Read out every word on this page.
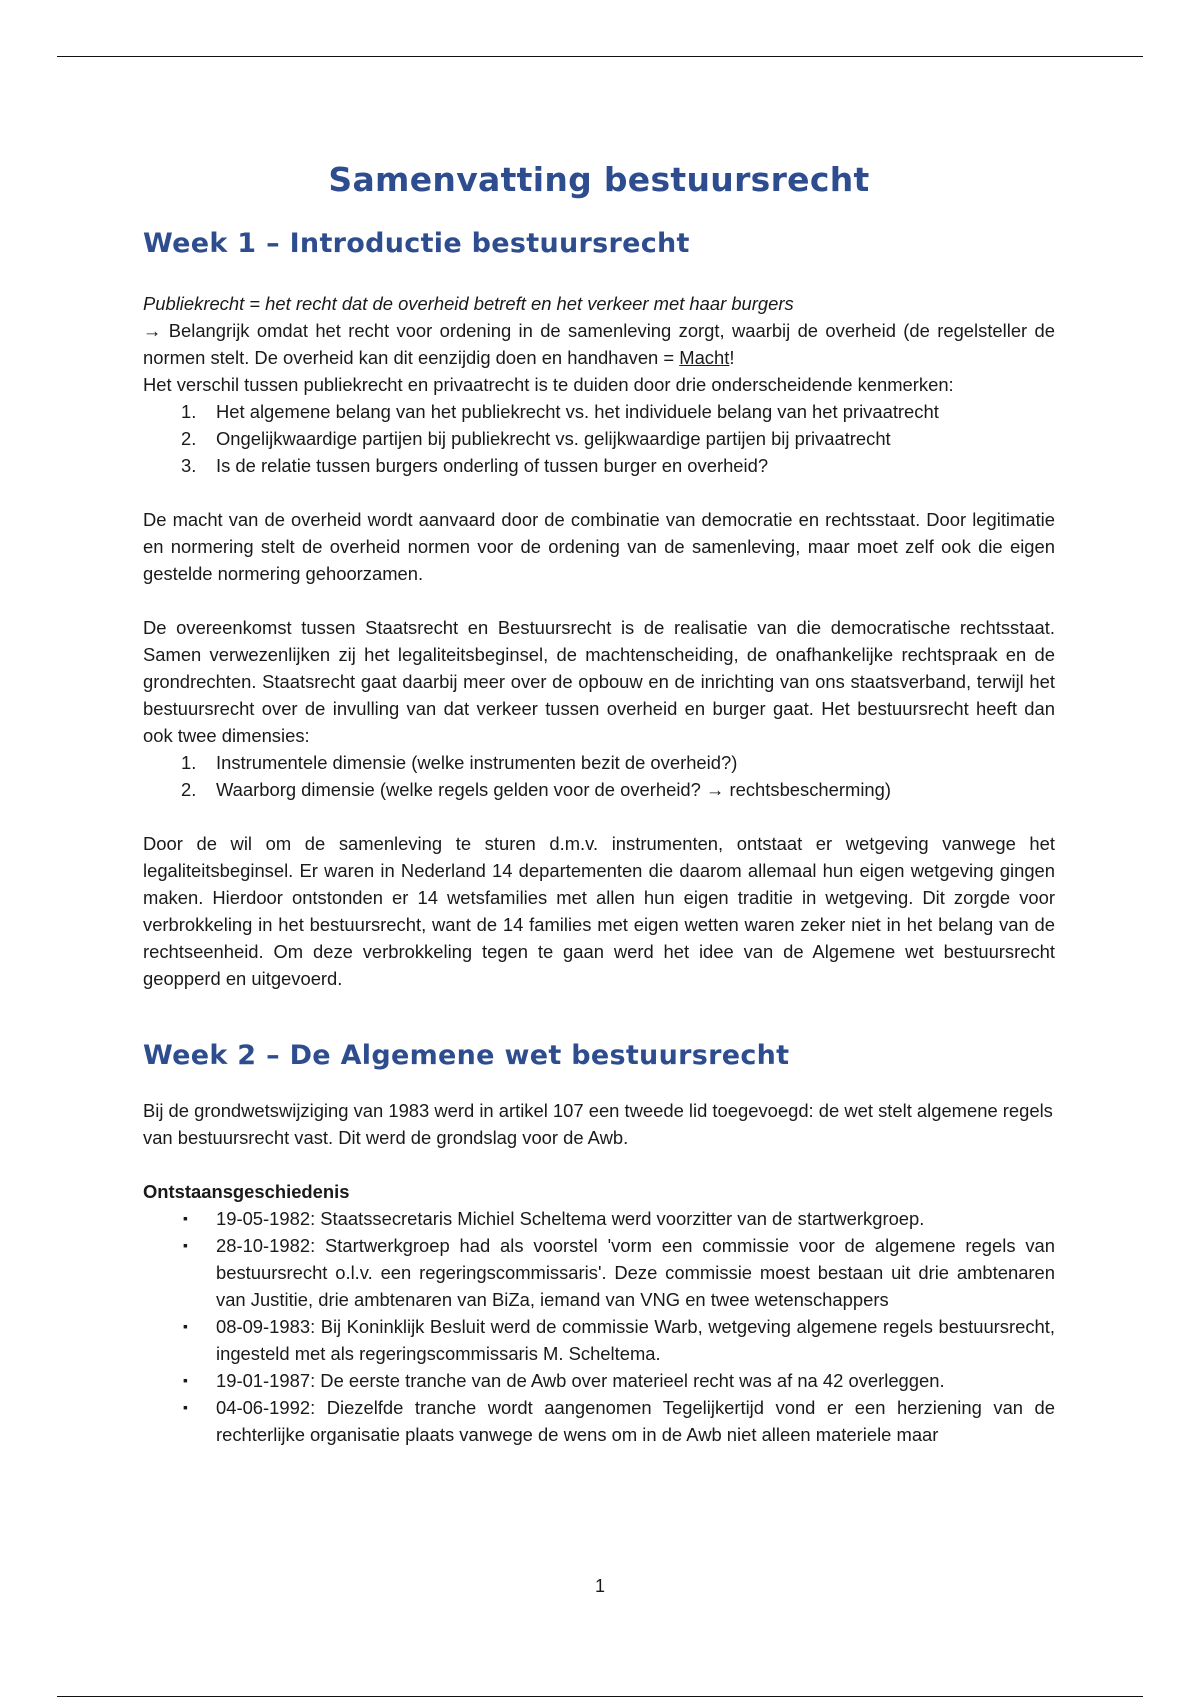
Samenvatting bestuursrecht
Week 1 – Introductie bestuursrecht

Publiekrecht = het recht dat de overheid betreft en het verkeer met haar burgers

→ Belangrijk omdat het recht voor ordening in de samenleving zorgt, waarbij de overheid (de regelsteller de normen stelt. De overheid kan dit eenzijdig doen en handhaven = Macht!

Het verschil tussen publiekrecht en privaatrecht is te duiden door drie onderscheidende kenmerken:

1. Het algemene belang van het publiekrecht vs. het individuele belang van het privaatrecht
2. Ongelijkwaardige partijen bij publiekrecht vs. gelijkwaardige partijen bij privaatrecht
3. Is de relatie tussen burgers onderling of tussen burger en overheid?

De macht van de overheid wordt aanvaard door de combinatie van democratie en rechtsstaat. Door legitimatie en normering stelt de overheid normen voor de ordening van de samenleving, maar moet zelf ook die eigen gestelde normering gehoorzamen.

De overeenkomst tussen Staatsrecht en Bestuursrecht is de realisatie van die democratische rechtsstaat. Samen verwezenlijken zij het legaliteitsbeginsel, de machtenscheiding, de onafhankelijke rechtspraak en de grondrechten. Staatsrecht gaat daarbij meer over de opbouw en de inrichting van ons staatsverband, terwijl het bestuursrecht over de invulling van dat verkeer tussen overheid en burger gaat. Het bestuursrecht heeft dan ook twee dimensies:

1. Instrumentele dimensie (welke instrumenten bezit de overheid?)
2. Waarborg dimensie (welke regels gelden voor de overheid? → rechtsbescherming)

Door de wil om de samenleving te sturen d.m.v. instrumenten, ontstaat er wetgeving vanwege het legaliteitsbeginsel. Er waren in Nederland 14 departementen die daarom allemaal hun eigen wetgeving gingen maken. Hierdoor ontstonden er 14 wetsfamilies met allen hun eigen traditie in wetgeving. Dit zorgde voor verbrokkeling in het bestuursrecht, want de 14 families met eigen wetten waren zeker niet in het belang van de rechtseenheid. Om deze verbrokkeling tegen te gaan werd het idee van de Algemene wet bestuursrecht geopperd en uitgevoerd.

Week 2 – De Algemene wet bestuursrecht

Bij de grondwetswijziging van 1983 werd in artikel 107 een tweede lid toegevoegd: de wet stelt algemene regels van bestuursrecht vast. Dit werd de grondslag voor de Awb.

Ontstaansgeschiedenis

▪ 19-05-1982: Staatssecretaris Michiel Scheltema werd voorzitter van de startwerkgroep.
▪ 28-10-1982: Startwerkgroep had als voorstel 'vorm een commissie voor de algemene regels van bestuursrecht o.l.v. een regeringscommissaris'. Deze commissie moest bestaan uit drie ambtenaren van Justitie, drie ambtenaren van BiZa, iemand van VNG en twee wetenschappers
▪ 08-09-1983: Bij Koninklijk Besluit werd de commissie Warb, wetgeving algemene regels bestuursrecht, ingesteld met als regeringscommissaris M. Scheltema.
▪ 19-01-1987: De eerste tranche van de Awb over materieel recht was af na 42 overleggen.
▪ 04-06-1992: Diezelfde tranche wordt aangenomen Tegelijkertijd vond er een herziening van de rechterlijke organisatie plaats vanwege de wens om in de Awb niet alleen materiele maar
1
